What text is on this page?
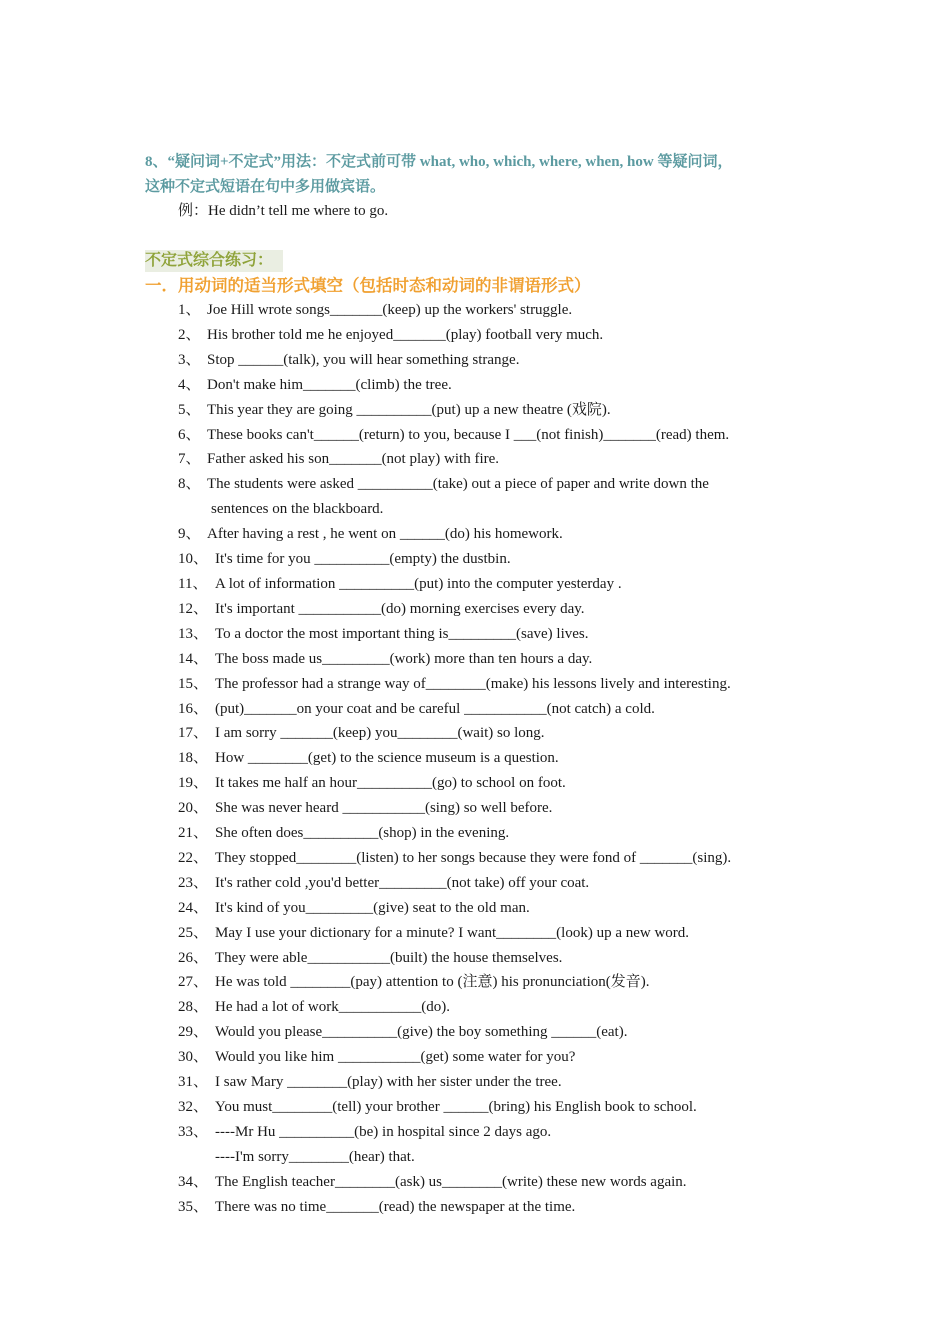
8、“疑问词+不定式”用法：不定式前可带 what, who, which, where, when, how 等疑问词，
这种不定式短语在句中多用做宾语。
例：He didn’t tell me where to go.
不定式综合练习：
一．用动词的适当形式填空（包括时态和动词的非谓语形式）
1、 Joe Hill wrote songs_______(keep) up the workers' struggle.
2、 His brother told me he enjoyed_______(play) football very much.
3、 Stop ______(talk), you will hear something strange.
4、 Don't make him_______(climb) the tree.
5、 This year they are going __________(put) up a new theatre (戏院).
6、 These books can't______(return) to you, because I ___(not finish)_______(read) them.
7、 Father asked his son_______(not play) with fire.
8、 The students were asked __________(take) out a piece of paper and write down the
sentences on the blackboard.
9、 After having a rest , he went on ______(do) his homework.
10、 It's time for you __________(empty) the dustbin.
11、 A lot of information __________(put) into the computer yesterday .
12、 It's important ___________(do) morning exercises every day.
13、 To a doctor the most important thing is_________(save) lives.
14、 The boss made us_________(work) more than ten hours a day.
15、 The professor had a strange way of________(make) his lessons lively and interesting.
16、 (put)_______on your coat and be careful ___________(not catch) a cold.
17、 I am sorry _______(keep) you________(wait) so long.
18、 How ________(get) to the science museum is a question.
19、 It takes me half an hour__________(go) to school on foot.
20、 She was never heard ___________(sing) so well before.
21、 She often does__________(shop) in the evening.
22、 They stopped________(listen) to her songs because they were fond of _______(sing).
23、 It's rather cold ,you'd better_________(not take) off your coat.
24、 It's kind of you_________(give) seat to the old man.
25、 May I use your dictionary for a minute? I want________(look) up a new word.
26、 They were able___________(built) the house themselves.
27、 He was told ________(pay) attention to (注意) his pronunciation(发音).
28、 He had a lot of work___________(do).
29、 Would you please__________(give) the boy something ______(eat).
30、 Would you like him ___________(get) some water for you?
31、 I saw Mary ________(play) with her sister under the tree.
32、 You must________(tell) your brother ______(bring) his English book to school.
33、 ----Mr Hu __________(be) in hospital since 2 days ago.
----I'm sorry________(hear) that.
34、 The English teacher________(ask) us________(write) these new words again.
35、 There was no time_______(read) the newspaper at the time.
